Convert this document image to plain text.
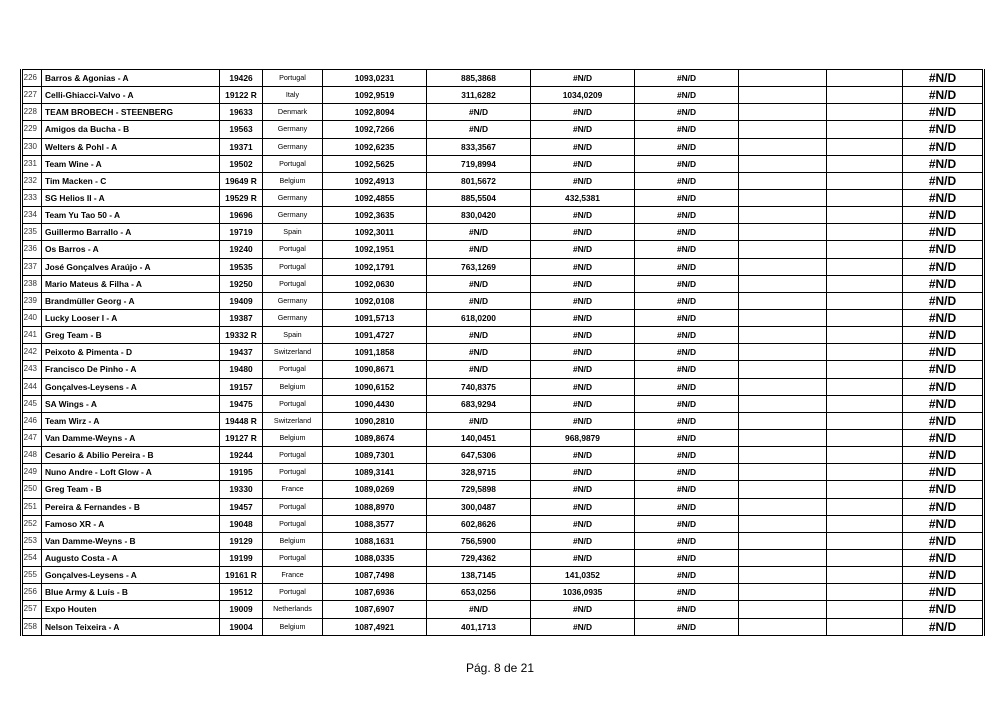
226	Barros & Agonias - A	19426	Portugal	1093,0231	885,3868	#N/D	#N/D			#N/D
227	Celli-Ghiacci-Valvo - A	19122 R	Italy	1092,9519	311,6282	1034,0209	#N/D			#N/D
228	TEAM BROBECH - STEENBERG	19633	Denmark	1092,8094	#N/D	#N/D	#N/D			#N/D
229	Amigos da Bucha - B	19563	Germany	1092,7266	#N/D	#N/D	#N/D			#N/D
230	Welters & Pohl - A	19371	Germany	1092,6235	833,3567	#N/D	#N/D			#N/D
231	Team Wine - A	19502	Portugal	1092,5625	719,8994	#N/D	#N/D			#N/D
232	Tim Macken - C	19649 R	Belgium	1092,4913	801,5672	#N/D	#N/D			#N/D
233	SG Helios II - A	19529 R	Germany	1092,4855	885,5504	432,5381	#N/D			#N/D
234	Team Yu Tao 50 - A	19696	Germany	1092,3635	830,0420	#N/D	#N/D			#N/D
235	Guillermo Barrallo - A	19719	Spain	1092,3011	#N/D	#N/D	#N/D			#N/D
236	Os Barros - A	19240	Portugal	1092,1951	#N/D	#N/D	#N/D			#N/D
237	José Gonçalves Araújo - A	19535	Portugal	1092,1791	763,1269	#N/D	#N/D			#N/D
238	Mario Mateus & Filha - A	19250	Portugal	1092,0630	#N/D	#N/D	#N/D			#N/D
239	Brandmüller Georg - A	19409	Germany	1092,0108	#N/D	#N/D	#N/D			#N/D
240	Lucky Looser I - A	19387	Germany	1091,5713	618,0200	#N/D	#N/D			#N/D
241	Greg Team - B	19332 R	Spain	1091,4727	#N/D	#N/D	#N/D			#N/D
242	Peixoto & Pimenta - D	19437	Switzerland	1091,1858	#N/D	#N/D	#N/D			#N/D
243	Francisco De Pinho - A	19480	Portugal	1090,8671	#N/D	#N/D	#N/D			#N/D
244	Gonçalves-Leysens - A	19157	Belgium	1090,6152	740,8375	#N/D	#N/D			#N/D
245	SA Wings - A	19475	Portugal	1090,4430	683,9294	#N/D	#N/D			#N/D
246	Team Wirz - A	19448 R	Switzerland	1090,2810	#N/D	#N/D	#N/D			#N/D
247	Van Damme-Weyns - A	19127 R	Belgium	1089,8674	140,0451	968,9879	#N/D			#N/D
248	Cesario & Abilio Pereira - B	19244	Portugal	1089,7301	647,5306	#N/D	#N/D			#N/D
249	Nuno Andre - Loft Glow - A	19195	Portugal	1089,3141	328,9715	#N/D	#N/D			#N/D
250	Greg Team - B	19330	France	1089,0269	729,5898	#N/D	#N/D			#N/D
251	Pereira & Fernandes - B	19457	Portugal	1088,8970	300,0487	#N/D	#N/D			#N/D
252	Famoso XR - A	19048	Portugal	1088,3577	602,8626	#N/D	#N/D			#N/D
253	Van Damme-Weyns - B	19129	Belgium	1088,1631	756,5900	#N/D	#N/D			#N/D
254	Augusto Costa - A	19199	Portugal	1088,0335	729,4362	#N/D	#N/D			#N/D
255	Gonçalves-Leysens - A	19161 R	France	1087,7498	138,7145	141,0352	#N/D			#N/D
256	Blue Army & Luís - B	19512	Portugal	1087,6936	653,0256	1036,0935	#N/D			#N/D
257	Expo Houten	19009	Netherlands	1087,6907	#N/D	#N/D	#N/D			#N/D
258	Nelson Teixeira - A	19004	Belgium	1087,4921	401,1713	#N/D	#N/D			#N/D
Pág. 8 de 21
